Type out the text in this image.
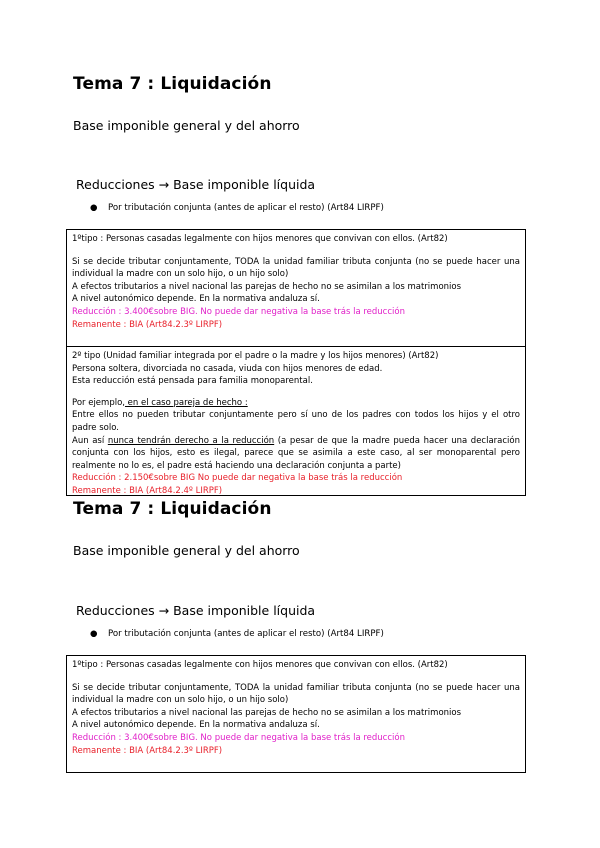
Tema 7 : Liquidación
Base imponible general y del ahorro
Reducciones → Base imponible líquida
● Por tributación conjunta (antes de aplicar el resto) (Art84 LIRPF)

1ºtipo : Personas casadas legalmente con hijos menores que convivan con ellos. (Art82)

Si se decide tributar conjuntamente, TODA la unidad familiar tributa conjunta (no se puede hacer una individual la madre con un solo hijo, o un hijo solo)

A efectos tributarios a nivel nacional las parejas de hecho no se asimilan a los matrimonios

A nivel autonómico depende. En la normativa andaluza sí.

Reducción : 3.400€sobre BIG. No puede dar negativa la base trás la reducción

Remanente : BIA (Art84.2.3º LIRPF)

2º tipo (Unidad familiar integrada por el padre o la madre y los hijos menores) (Art82)

Persona soltera, divorciada no casada, viuda con hijos menores de edad.

Esta reducción está pensada para familia monoparental.

Por ejemplo, en el caso pareja de hecho :

Entre ellos no pueden tributar conjuntamente pero sí uno de los padres con todos los hijos y el otro padre solo.

Aun así nunca tendrán derecho a la reducción (a pesar de que la madre pueda hacer una declaración conjunta con los hijos, esto es ilegal, parece que se asimila a este caso, al ser monoparental pero realmente no lo es, el padre está haciendo una declaración conjunta a parte)

Reducción : 2.150€sobre BIG No puede dar negativa la base trás la reducción

Remanente : BIA (Art84.2.4º LIRPF)

Tema 7 : Liquidación
Base imponible general y del ahorro
Reducciones → Base imponible líquida
● Por tributación conjunta (antes de aplicar el resto) (Art84 LIRPF)

1ºtipo : Personas casadas legalmente con hijos menores que convivan con ellos. (Art82)

Si se decide tributar conjuntamente, TODA la unidad familiar tributa conjunta (no se puede hacer una individual la madre con un solo hijo, o un hijo solo)

A efectos tributarios a nivel nacional las parejas de hecho no se asimilan a los matrimonios

A nivel autonómico depende. En la normativa andaluza sí.

Reducción : 3.400€sobre BIG. No puede dar negativa la base trás la reducción

Remanente : BIA (Art84.2.3º LIRPF)
